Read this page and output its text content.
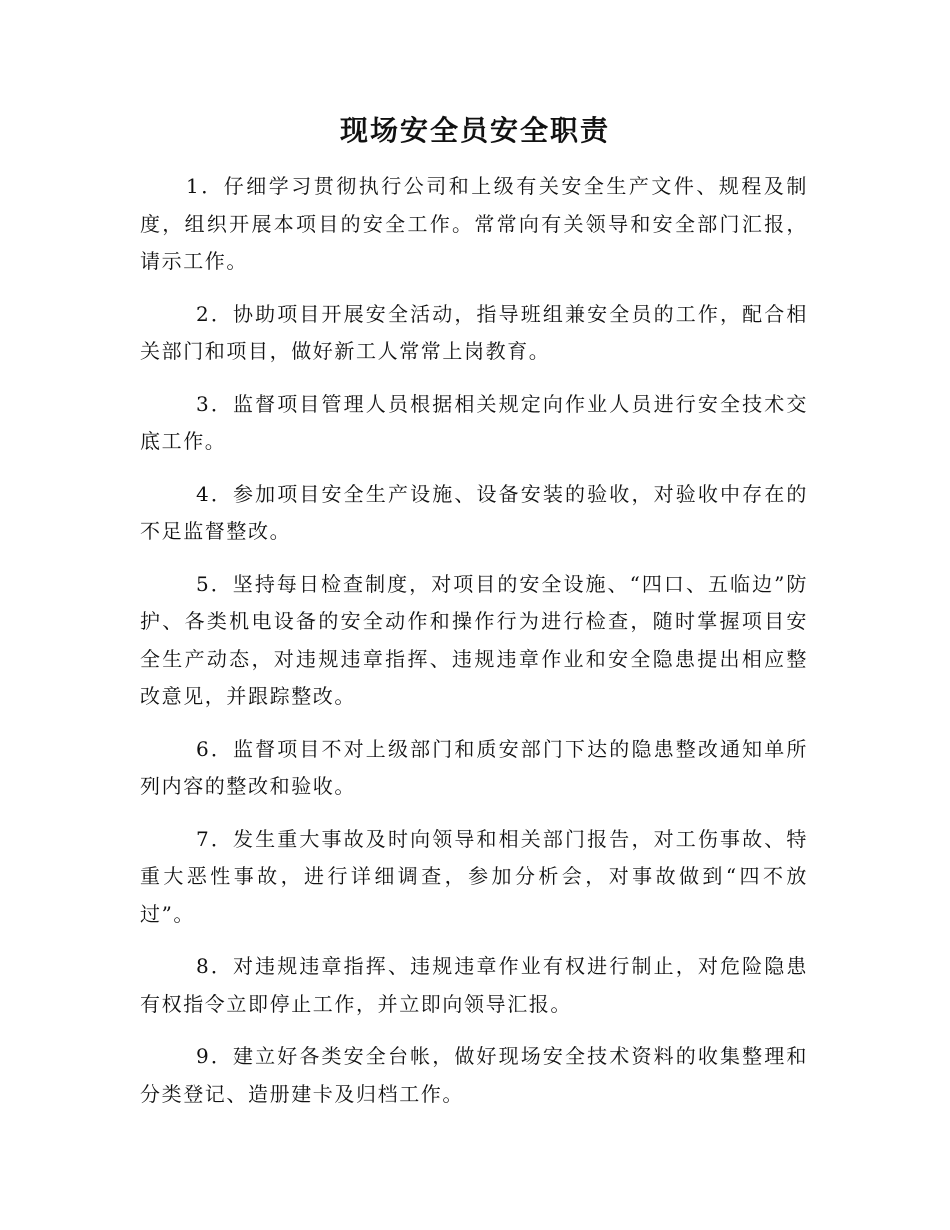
现场安全员安全职责

1．仔细学习贯彻执行公司和上级有关安全生产文件、规程及制度，组织开展本项目的安全工作。常常向有关领导和安全部门汇报，请示工作。

2．协助项目开展安全活动，指导班组兼安全员的工作，配合相关部门和项目，做好新工人常常上岗教育。

3．监督项目管理人员根据相关规定向作业人员进行安全技术交底工作。

4．参加项目安全生产设施、设备安装的验收，对验收中存在的不足监督整改。

5．坚持每日检查制度，对项目的安全设施、“四口、五临边”防护、各类机电设备的安全动作和操作行为进行检查，随时掌握项目安全生产动态，对违规违章指挥、违规违章作业和安全隐患提出相应整改意见，并跟踪整改。

6．监督项目不对上级部门和质安部门下达的隐患整改通知单所列内容的整改和验收。

7．发生重大事故及时向领导和相关部门报告，对工伤事故、特重大恶性事故，进行详细调查，参加分析会，对事故做到“四不放过”。

8．对违规违章指挥、违规违章作业有权进行制止，对危险隐患有权指令立即停止工作，并立即向领导汇报。

9．建立好各类安全台帐，做好现场安全技术资料的收集整理和分类登记、造册建卡及归档工作。
